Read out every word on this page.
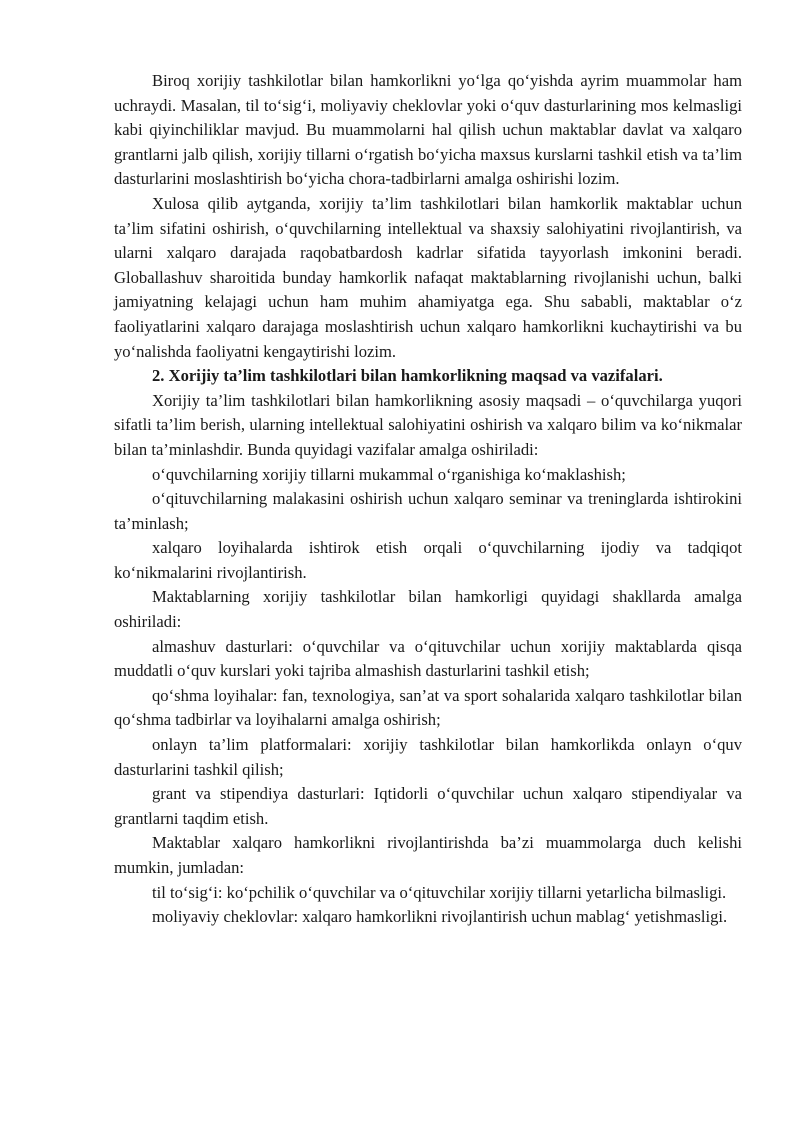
Biroq xorijiy tashkilotlar bilan hamkorlikni yo‘lga qo‘yishda ayrim muammolar ham uchraydi. Masalan, til to‘sig‘i, moliyaviy cheklovlar yoki o‘quv dasturlarining mos kelmasligi kabi qiyinchiliklar mavjud. Bu muammolarni hal qilish uchun maktablar davlat va xalqaro grantlarni jalb qilish, xorijiy tillarni o‘rgatish bo‘yicha maxsus kurslarni tashkil etish va ta’lim dasturlarini moslashtirish bo‘yicha chora-tadbirlarni amalga oshirishi lozim.

Xulosa qilib aytganda, xorijiy ta’lim tashkilotlari bilan hamkorlik maktablar uchun ta’lim sifatini oshirish, o‘quvchilarning intellektual va shaxsiy salohiyatini rivojlantirish, va ularni xalqaro darajada raqobatbardosh kadrlar sifatida tayyorlash imkonini beradi. Globallashuv sharoitida bunday hamkorlik nafaqat maktablarning rivojlanishi uchun, balki jamiyatning kelajagi uchun ham muhim ahamiyatga ega. Shu sababli, maktablar o‘z faoliyatlarini xalqaro darajaga moslashtirish uchun xalqaro hamkorlikni kuchaytirishi va bu yo‘nalishda faoliyatni kengaytirishi lozim.

2. Xorijiy ta’lim tashkilotlari bilan hamkorlikning maqsad va vazifalari.

Xorijiy ta’lim tashkilotlari bilan hamkorlikning asosiy maqsadi – o‘quvchilarga yuqori sifatli ta’lim berish, ularning intellektual salohiyatini oshirish va xalqaro bilim va ko‘nikmalar bilan ta’minlashdir. Bunda quyidagi vazifalar amalga oshiriladi:

o‘quvchilarning xorijiy tillarni mukammal o‘rganishiga ko‘maklashish;

o‘qituvchilarning malakasini oshirish uchun xalqaro seminar va treninglarda ishtirokini ta’minlash;

xalqaro loyihalarda ishtirok etish orqali o‘quvchilarning ijodiy va tadqiqot ko‘nikmalarini rivojlantirish.

Maktablarning xorijiy tashkilotlar bilan hamkorligi quyidagi shakllarda amalga oshiriladi:

almashuv dasturlari: o‘quvchilar va o‘qituvchilar uchun xorijiy maktablarda qisqa muddatli o‘quv kurslari yoki tajriba almashish dasturlarini tashkil etish;

qo‘shma loyihalar: fan, texnologiya, san’at va sport sohalarida xalqaro tashkilotlar bilan qo‘shma tadbirlar va loyihalarni amalga oshirish;

onlayn ta’lim platformalari: xorijiy tashkilotlar bilan hamkorlikda onlayn o‘quv dasturlarini tashkil qilish;

grant va stipendiya dasturlari: Iqtidorli o‘quvchilar uchun xalqaro stipendiyalar va grantlarni taqdim etish.

Maktablar xalqaro hamkorlikni rivojlantirishda ba’zi muammolarga duch kelishi mumkin, jumladan:

til to‘sig‘i: ko‘pchilik o‘quvchilar va o‘qituvchilar xorijiy tillarni yetarlicha bilmasligi.

moliyaviy cheklovlar: xalqaro hamkorlikni rivojlantirish uchun mablag‘ yetishmasligi.
